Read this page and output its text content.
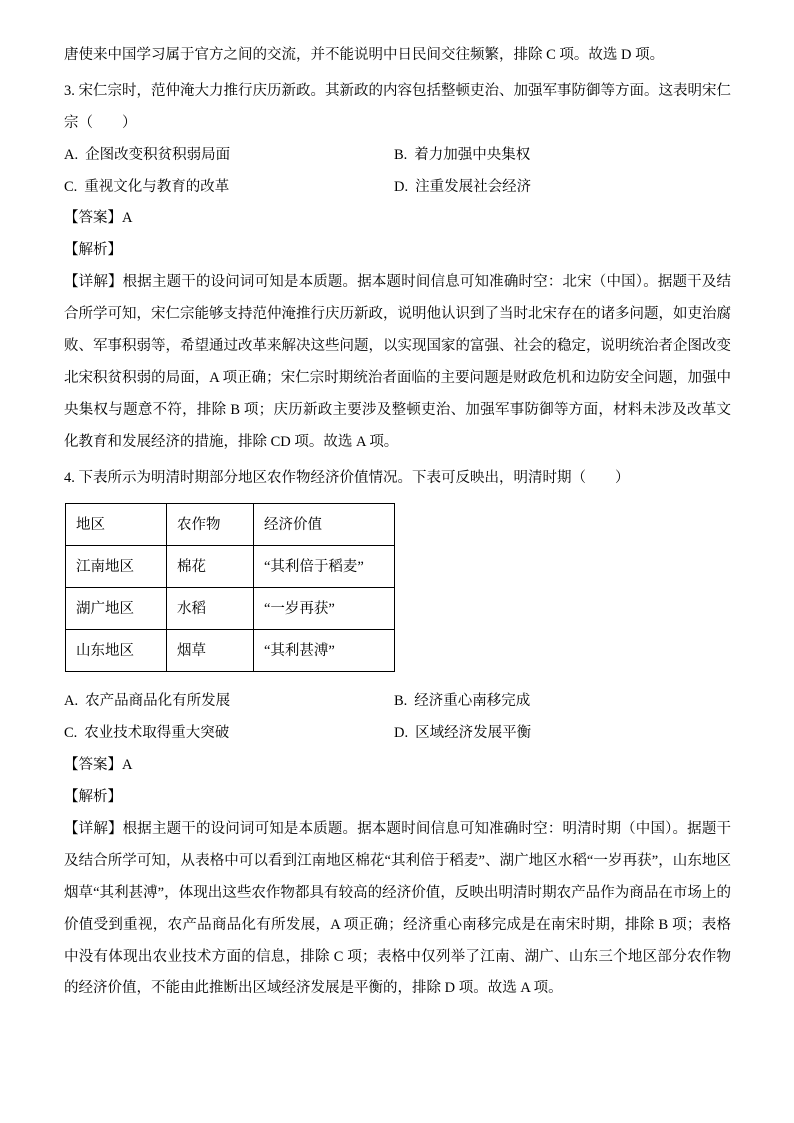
唐使来中国学习属于官方之间的交流，并不能说明中日民间交往频繁，排除 C 项。故选 D 项。

3. 宋仁宗时，范仲淹大力推行庆历新政。其新政的内容包括整顿吏治、加强军事防御等方面。这表明宋仁宗（　　）

A. 企图改变积贫积弱局面	B. 着力加强中央集权
C. 重视文化与教育的改革	D. 注重发展社会经济

【答案】A

【解析】

【详解】根据主题干的设问词可知是本质题。据本题时间信息可知准确时空：北宋（中国）。据题干及结合所学可知，宋仁宗能够支持范仲淹推行庆历新政，说明他认识到了当时北宋存在的诸多问题，如吏治腐败、军事积弱等，希望通过改革来解决这些问题，以实现国家的富强、社会的稳定，说明统治者企图改变北宋积贫积弱的局面，A 项正确；宋仁宗时期统治者面临的主要问题是财政危机和边防安全问题，加强中央集权与题意不符，排除 B 项；庆历新政主要涉及整顿吏治、加强军事防御等方面，材料未涉及改革文化教育和发展经济的措施，排除 CD 项。故选 A 项。

4. 下表所示为明清时期部分地区农作物经济价值情况。下表可反映出，明清时期（　　）

地区	农作物	经济价值
江南地区	棉花	“其利倍于稻麦”
湖广地区	水稻	“一岁再获”
山东地区	烟草	“其利甚溥”
A. 农产品商品化有所发展	B. 经济重心南移完成
C. 农业技术取得重大突破	D. 区域经济发展平衡

【答案】A

【解析】

【详解】根据主题干的设问词可知是本质题。据本题时间信息可知准确时空：明清时期（中国）。据题干及结合所学可知，从表格中可以看到江南地区棉花“其利倍于稻麦”、湖广地区水稻“一岁再获”，山东地区烟草“其利甚溥”，体现出这些农作物都具有较高的经济价值，反映出明清时期农产品作为商品在市场上的价值受到重视，农产品商品化有所发展，A 项正确；经济重心南移完成是在南宋时期，排除 B 项；表格中没有体现出农业技术方面的信息，排除 C 项；表格中仅列举了江南、湖广、山东三个地区部分农作物的经济价值，不能由此推断出区域经济发展是平衡的，排除 D 项。故选 A 项。
